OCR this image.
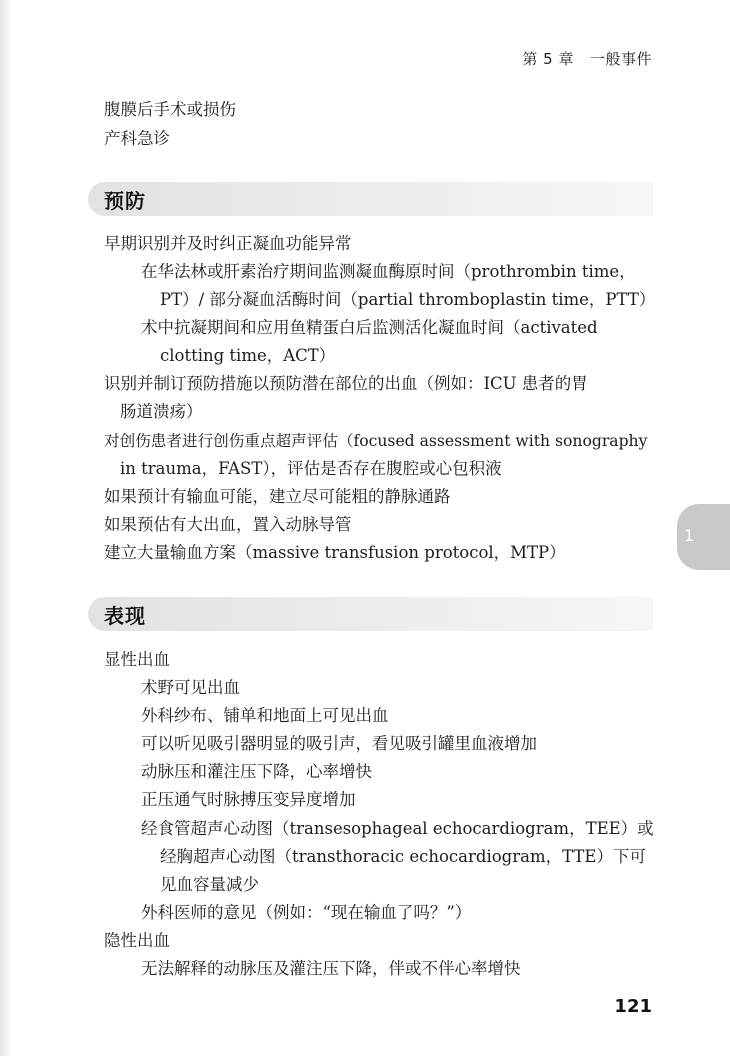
第 5 章 一般事件
腹膜后手术或损伤
产科急诊
预防
早期识别并及时纠正凝血功能异常
在华法林或肝素治疗期间监测凝血酶原时间（prothrombin time，
PT）/ 部分凝血活酶时间（partial thromboplastin time，PTT）
术中抗凝期间和应用鱼精蛋白后监测活化凝血时间（activated
clotting time，ACT）
识别并制订预防措施以预防潜在部位的出血（例如：ICU 患者的胃
肠道溃疡）
对创伤患者进行创伤重点超声评估（focused assessment with sonography
in trauma，FAST），评估是否存在腹腔或心包积液
如果预计有输血可能，建立尽可能粗的静脉通路
如果预估有大出血，置入动脉导管
建立大量输血方案（massive transfusion protocol，MTP）
表现
显性出血
术野可见出血
外科纱布、铺单和地面上可见出血
可以听见吸引器明显的吸引声，看见吸引罐里血液增加
动脉压和灌注压下降，心率增快
正压通气时脉搏压变异度增加
经食管超声心动图（transesophageal echocardiogram，TEE）或
经胸超声心动图（transthoracic echocardiogram，TTE）下可
见血容量减少
外科医师的意见（例如：“现在输血了吗？”）
隐性出血
无法解释的动脉压及灌注压下降，伴或不伴心率增快
1
121
